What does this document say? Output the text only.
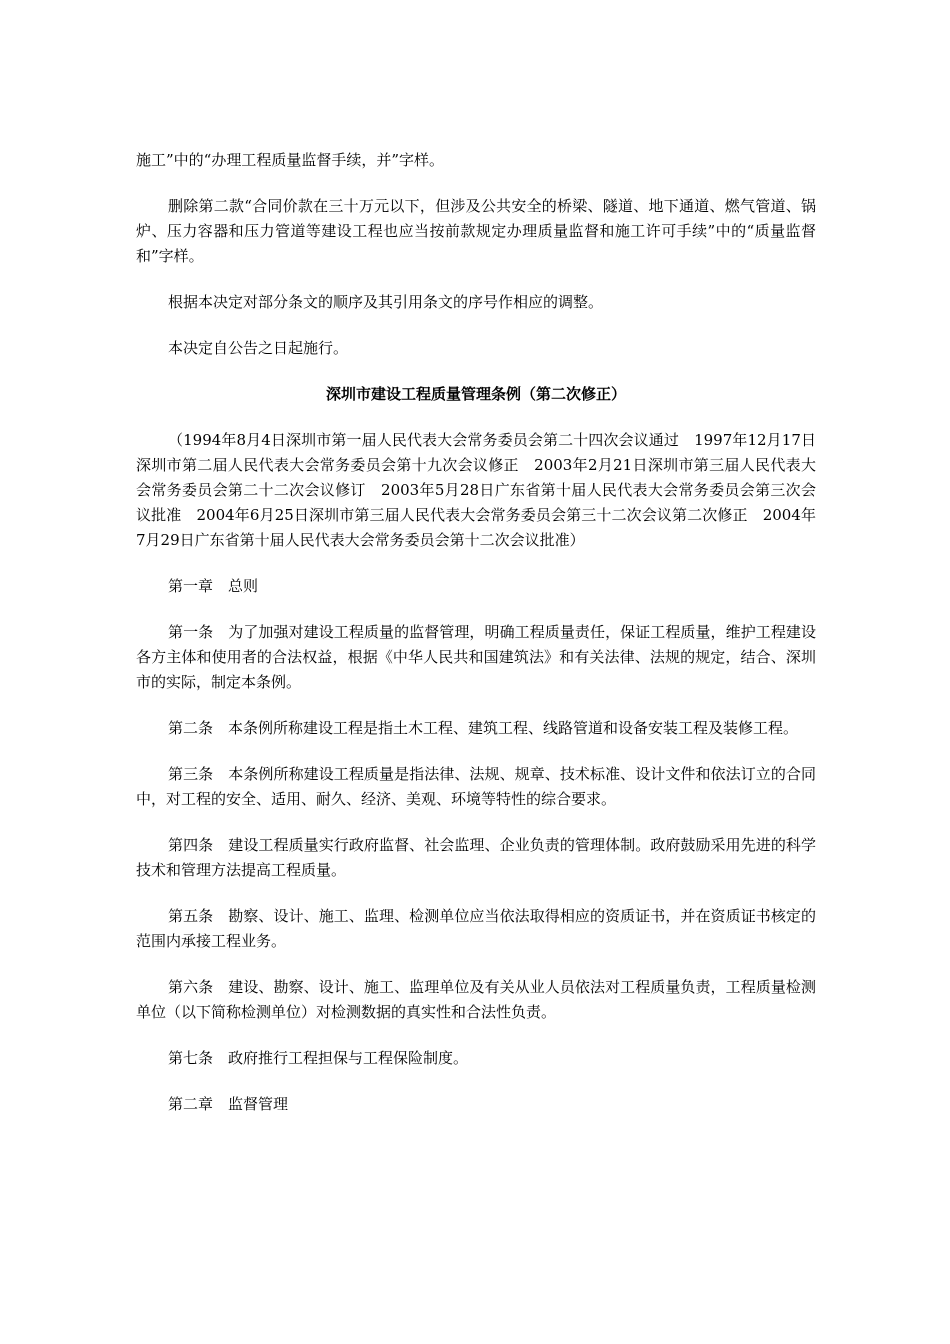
施工”中的“办理工程质量监督手续，并”字样。

删除第二款“合同价款在三十万元以下，但涉及公共安全的桥梁、隧道、地下通道、燃气管道、锅炉、压力容器和压力管道等建设工程也应当按前款规定办理质量监督和施工许可手续”中的“质量监督和”字样。

根据本决定对部分条文的顺序及其引用条文的序号作相应的调整。

本决定自公告之日起施行。

深圳市建设工程质量管理条例（第二次修正）

（1994年8月4日深圳市第一届人民代表大会常务委员会第二十四次会议通过　1997年12月17日深圳市第二届人民代表大会常务委员会第十九次会议修正　2003年2月21日深圳市第三届人民代表大会常务委员会第二十二次会议修订　2003年5月28日广东省第十届人民代表大会常务委员会第三次会议批准　2004年6月25日深圳市第三届人民代表大会常务委员会第三十二次会议第二次修正　2004年7月29日广东省第十届人民代表大会常务委员会第十二次会议批准）

第一章　总则

第一条　为了加强对建设工程质量的监督管理，明确工程质量责任，保证工程质量，维护工程建设各方主体和使用者的合法权益，根据《中华人民共和国建筑法》和有关法律、法规的规定，结合、深圳市的实际，制定本条例。

第二条　本条例所称建设工程是指土木工程、建筑工程、线路管道和设备安装工程及装修工程。

第三条　本条例所称建设工程质量是指法律、法规、规章、技术标准、设计文件和依法订立的合同中，对工程的安全、适用、耐久、经济、美观、环境等特性的综合要求。

第四条　建设工程质量实行政府监督、社会监理、企业负责的管理体制。政府鼓励采用先进的科学技术和管理方法提高工程质量。

第五条　勘察、设计、施工、监理、检测单位应当依法取得相应的资质证书，并在资质证书核定的范围内承接工程业务。

第六条　建设、勘察、设计、施工、监理单位及有关从业人员依法对工程质量负责，工程质量检测单位（以下简称检测单位）对检测数据的真实性和合法性负责。

第七条　政府推行工程担保与工程保险制度。

第二章　监督管理
